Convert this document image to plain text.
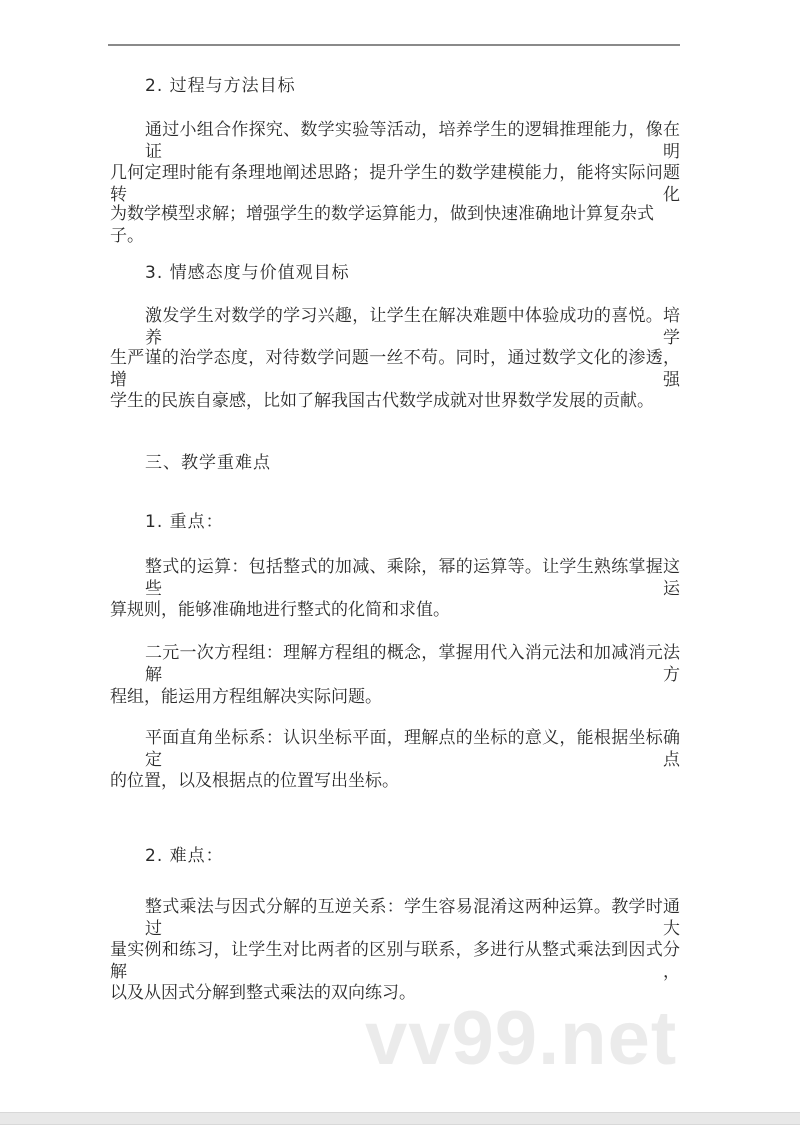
2. 过程与方法目标
通过小组合作探究、数学实验等活动，培养学生的逻辑推理能力，像在证明
几何定理时能有条理地阐述思路；提升学生的数学建模能力，能将实际问题转化
为数学模型求解；增强学生的数学运算能力，做到快速准确地计算复杂式子。
3. 情感态度与价值观目标
激发学生对数学的学习兴趣，让学生在解决难题中体验成功的喜悦。培养学
生严谨的治学态度，对待数学问题一丝不苟。同时，通过数学文化的渗透，增强
学生的民族自豪感，比如了解我国古代数学成就对世界数学发展的贡献。
三、教学重难点
1. 重点：
整式的运算：包括整式的加减、乘除，幂的运算等。让学生熟练掌握这些运
算规则，能够准确地进行整式的化简和求值。
二元一次方程组：理解方程组的概念，掌握用代入消元法和加减消元法解方
程组，能运用方程组解决实际问题。
平面直角坐标系：认识坐标平面，理解点的坐标的意义，能根据坐标确定点
的位置，以及根据点的位置写出坐标。
2. 难点：
整式乘法与因式分解的互逆关系：学生容易混淆这两种运算。教学时通过大
量实例和练习，让学生对比两者的区别与联系，多进行从整式乘法到因式分解，
以及从因式分解到整式乘法的双向练习。
vv99.net
